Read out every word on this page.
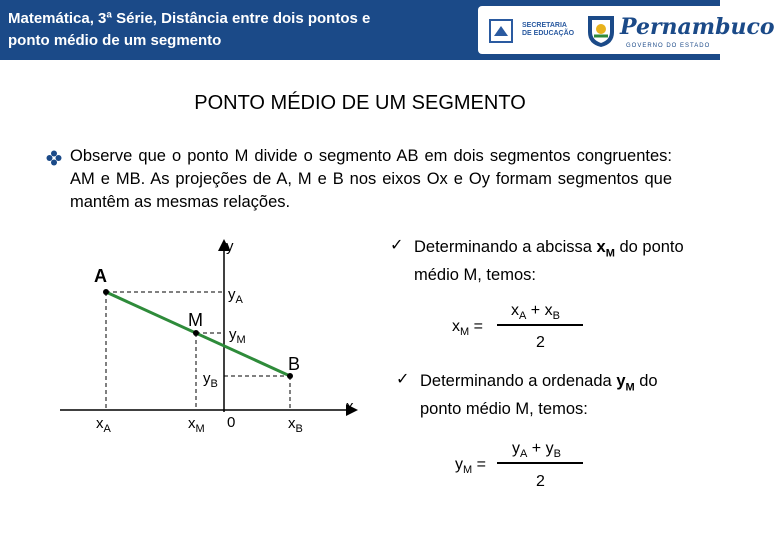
Matemática, 3ª Série, Distância entre dois pontos e
ponto médio de um segmento
SECRETARIA
DE EDUCAÇÃO	Pernambuco
GOVERNO DO ESTADO
PONTO MÉDIO DE UM SEGMENTO
Observe que o ponto M divide o segmento AB em dois segmentos congruentes: AM e MB. As projeções de A, M e B nos eixos Ox e Oy formam segmentos que mantêm as mesmas relações.
y
x
0
A
M
B
$y_A$
$y_M$
$y_B$
$x_A$	$x_M$	$x_B$
✓ Determinando a abcissa $x_M$ do ponto médio M, temos:
$x_M$ =
$x_A + x_B$
2
✓ Determinando a ordenada $y_M$ do ponto médio M, temos:
$y_M$ =
$y_A + y_B$
2
